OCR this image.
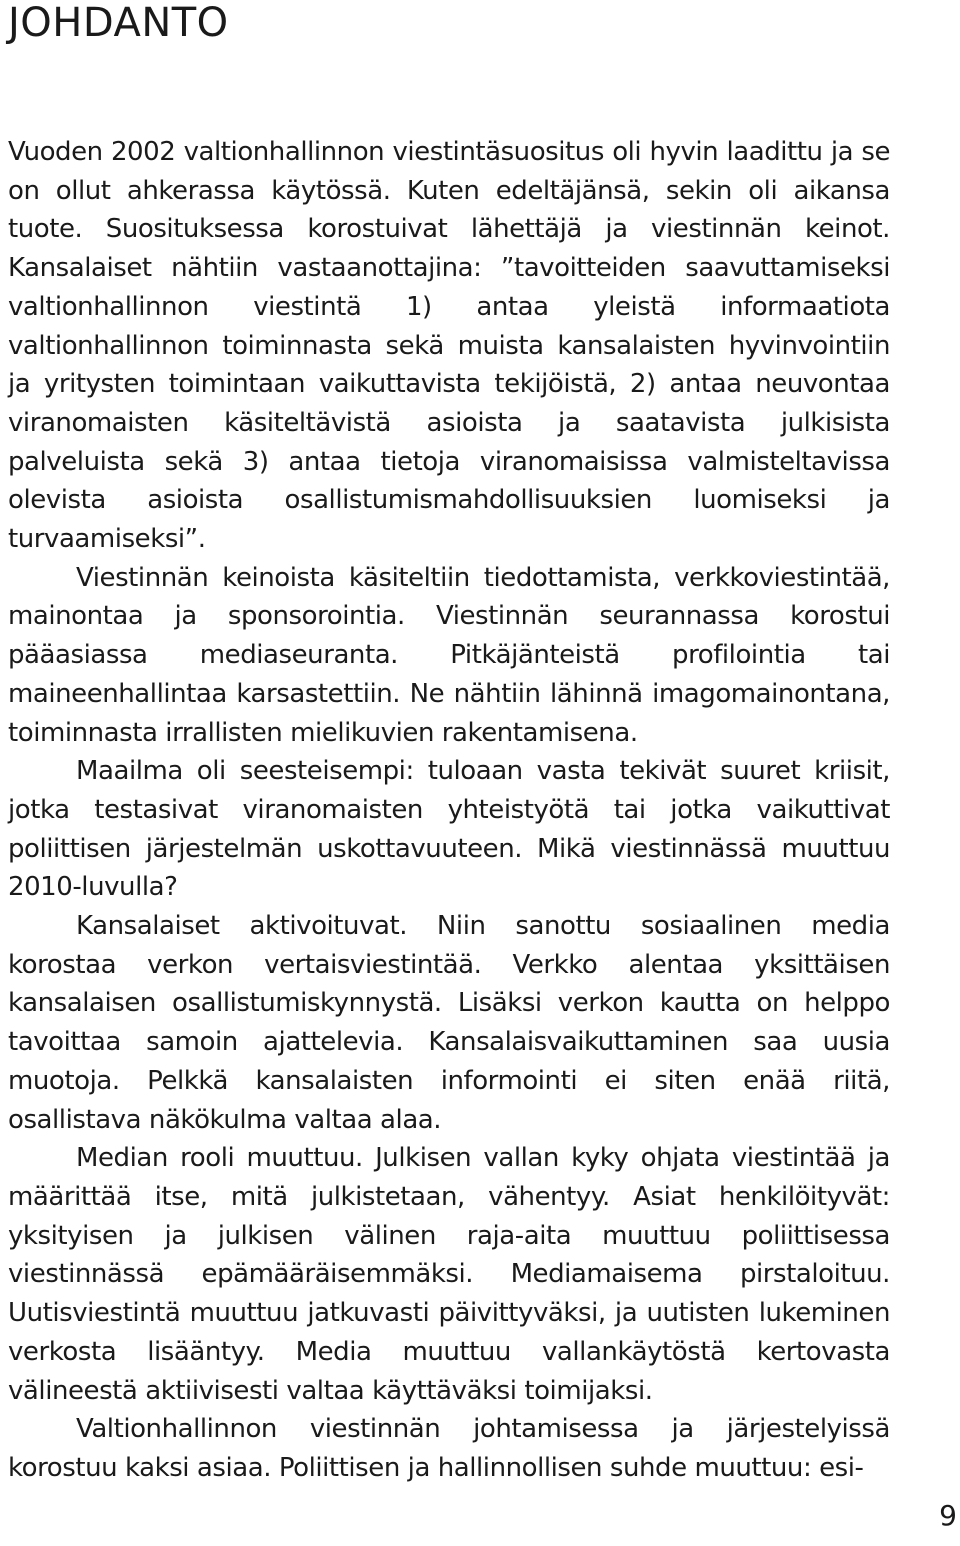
JOHDANTO

Vuoden 2002 valtionhallinnon viestintäsuositus oli hyvin laadittu ja se on ollut ahkerassa käytössä. Kuten edeltäjänsä, sekin oli aikansa tuote. Suosituksessa korostuivat lähettäjä ja viestinnän keinot. Kansalaiset nähtiin vastaanottajina: ”tavoitteiden saavuttamiseksi valtionhallinnon viestintä 1) antaa yleistä informaatiota valtionhallinnon toiminnasta sekä muista kansalaisten hyvinvointiin ja yritysten toimintaan vaikuttavista tekijöistä, 2) antaa neuvontaa viranomaisten käsiteltävistä asioista ja saatavista julkisista palveluista sekä 3) antaa tietoja viranomaisissa valmisteltavissa olevista asioista osallistumismahdollisuuksien luomiseksi ja turvaamiseksi”.

Viestinnän keinoista käsiteltiin tiedottamista, verkkoviestintää, mainontaa ja sponsorointia. Viestinnän seurannassa korostui pääasiassa mediaseuranta. Pitkäjänteistä profilointia tai maineenhallintaa karsastettiin. Ne nähtiin lähinnä imagomainontana, toiminnasta irrallisten mielikuvien rakentamisena.

Maailma oli seesteisempi: tuloaan vasta tekivät suuret kriisit, jotka testasivat viranomaisten yhteistyötä tai jotka vaikuttivat poliittisen järjestelmän uskottavuuteen. Mikä viestinnässä muuttuu 2010-luvulla?

Kansalaiset aktivoituvat. Niin sanottu sosiaalinen media korostaa verkon vertaisviestintää. Verkko alentaa yksittäisen kansalaisen osallistumiskynnystä. Lisäksi verkon kautta on helppo tavoittaa samoin ajattelevia. Kansalaisvaikuttaminen saa uusia muotoja. Pelkkä kansalaisten informointi ei siten enää riitä, osallistava näkökulma valtaa alaa.

Median rooli muuttuu. Julkisen vallan kyky ohjata viestintää ja määrittää itse, mitä julkistetaan, vähentyy. Asiat henkilöityvät: yksityisen ja julkisen välinen raja-aita muuttuu poliittisessa viestinnässä epämääräisemmäksi. Mediamaisema pirstaloituu. Uutisviestintä muuttuu jatkuvasti päivittyväksi, ja uutisten lukeminen verkosta lisääntyy. Media muuttuu vallankäytöstä kertovasta välineestä aktiivisesti valtaa käyttäväksi toimijaksi.

Valtionhallinnon viestinnän johtamisessa ja järjestelyissä korostuu kaksi asiaa. Poliittisen ja hallinnollisen suhde muuttuu: esi-

9
